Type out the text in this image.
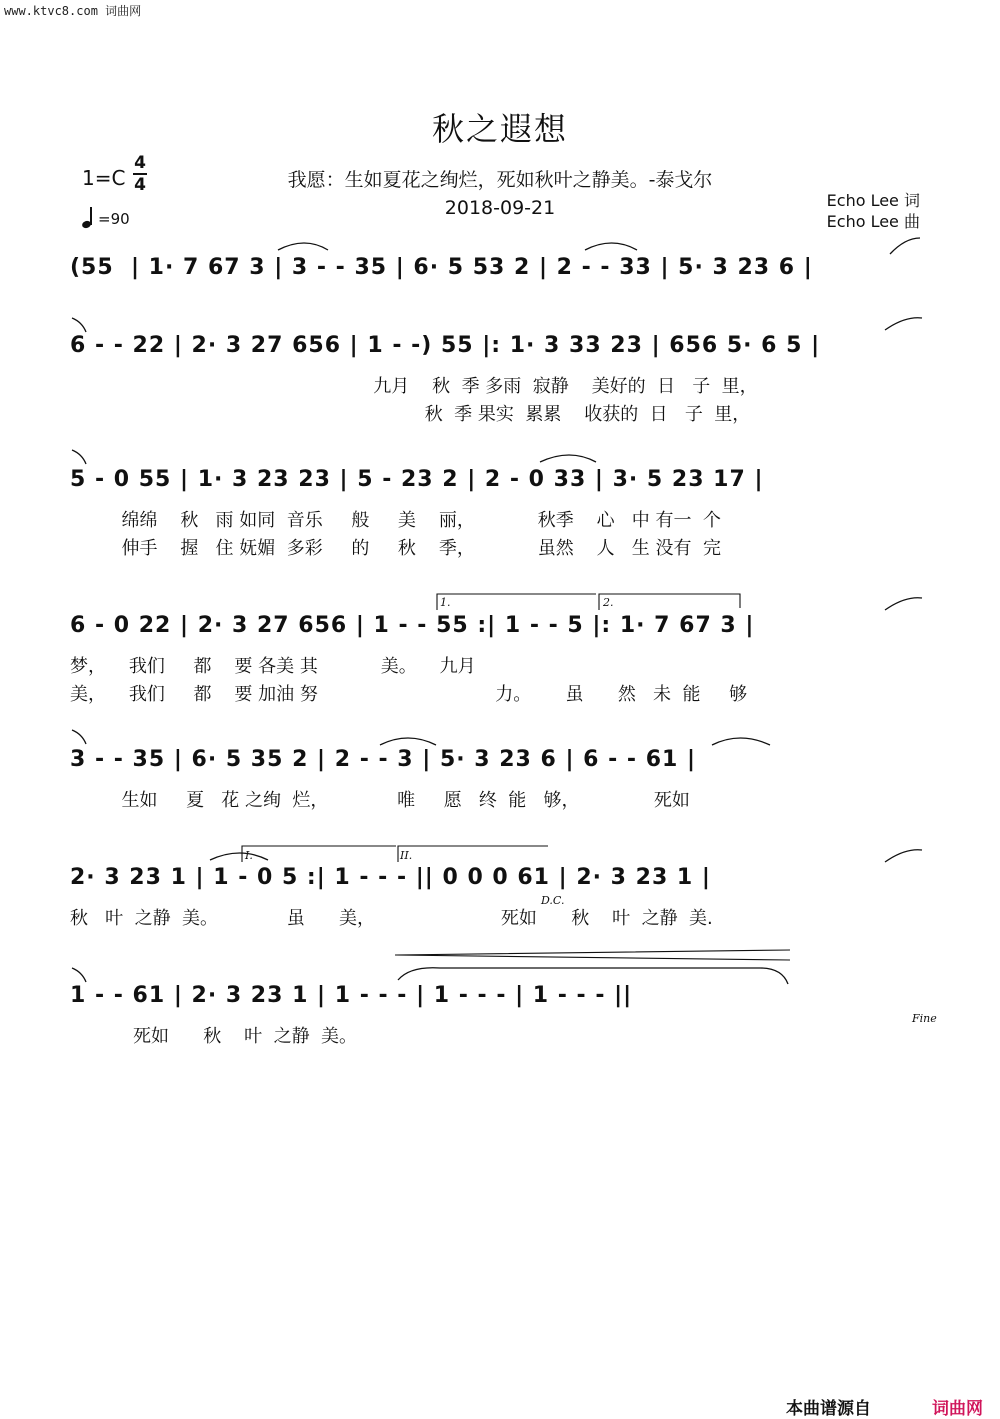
www.ktvc8.com 词曲网
秋之遐想
1=C
4
4
=90
我愿：生如夏花之绚烂，死如秋叶之静美。-泰戈尔
2018-09-21	Echo Lee 词
Echo Lee 曲
(55  | 1· 7 67 3 | 3 - - 35 | 6· 5 53 2 | 2 - - 33 | 5· 3 23 6 |
6 - - 22 | 2· 3 27 656 | 1 - -) 55 |: 1· 3 33 23 | 656 5· 6 5 |
九月    秋  季 多雨  寂静    美好的  日   子  里，
秋  季 果实  累累    收获的  日   子  里，
5 - 0 55 | 1· 3 23 23 | 5 - 23 2 | 2 - 0 33 | 3· 5 23 17 |
绵绵    秋   雨 如同  音乐     般     美    丽，           秋季    心   中 有一  个
伸手    握   住 妩媚  多彩     的     秋    季，           虽然    人   生 没有  完
6 - 0 22 | 2· 3 27 656 | 1 - - 55 :| 1 - - 5 |: 1· 7 67 3 |
梦，    我们     都    要 各美 其           美。    九月
美，    我们     都    要 加油 努                               力。      虽      然   未  能     够
3 - - 35 | 6· 5 35 2 | 2 - - 3 | 5· 3 23 6 | 6 - - 61 |
生如     夏   花 之绚  烂，            唯     愿   终  能   够，             死如
2· 3 23 1 | 1 - 0 5 :| 1 - - - || 0 0 0 61 | 2· 3 23 1 |
秋   叶  之静  美。            虽      美，                      死如      秋    叶  之静  美.
1 - - 61 | 2· 3 23 1 | 1 - - - | 1 - - - | 1 - - - ||
死如      秋    叶  之静  美。
1.	2.
I.	II.
D.C.
Fine
本曲谱源自	词曲网
